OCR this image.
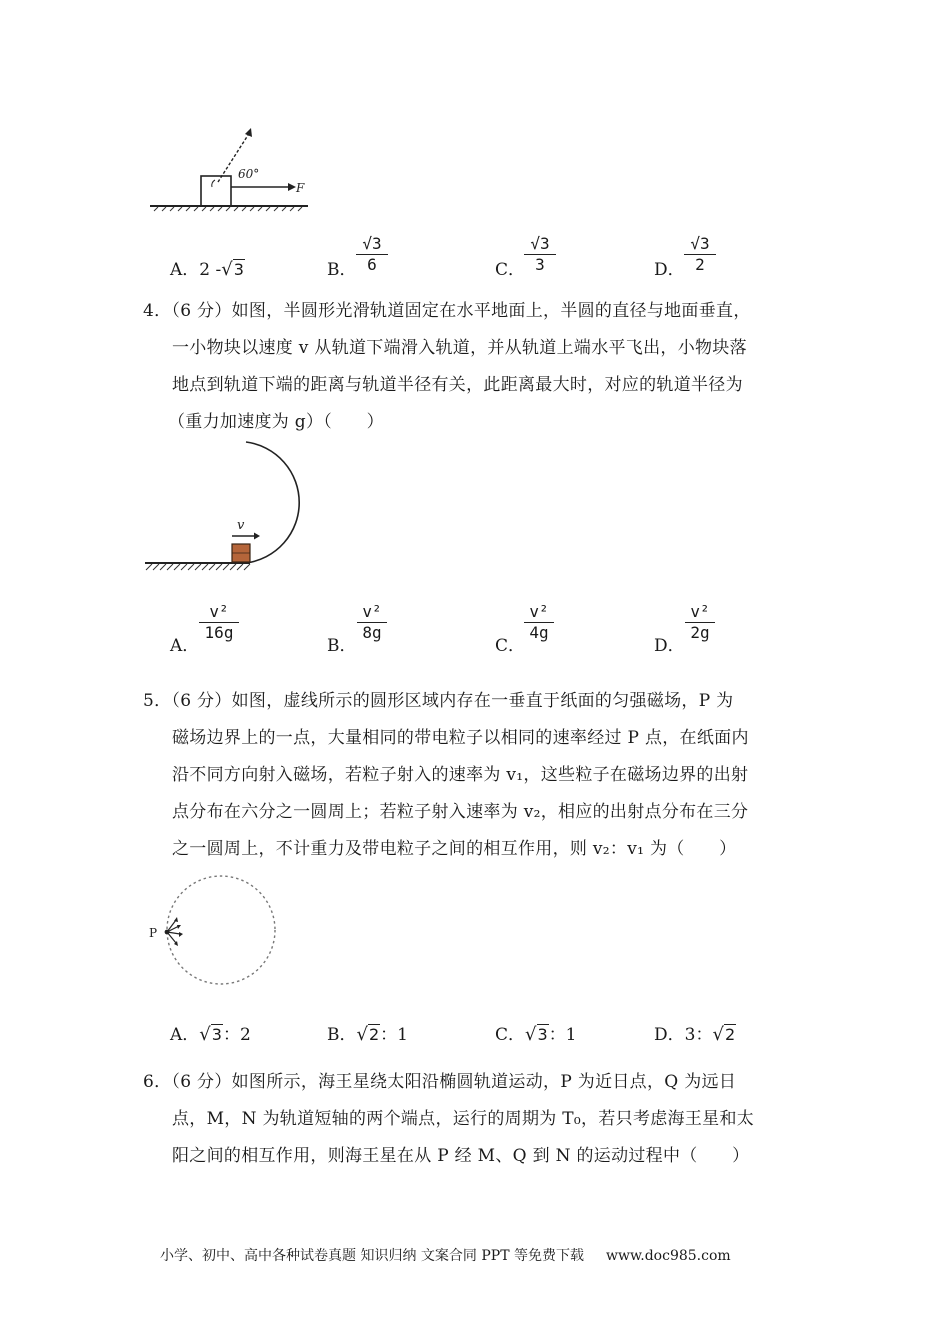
60°
F
A．2 -√3	B． $\frac{√3}{6}$	C．
$\frac{√3}{3}$	D． $\frac{√3}{2}$
4．（6 分）如图，半圆形光滑轨道固定在水平地面上，半圆的直径与地面垂直，
一小物块以速度 v 从轨道下端滑入轨道，并从轨道上端水平飞出，小物块落
地点到轨道下端的距离与轨道半径有关，此距离最大时，对应的轨道半径为
（重力加速度为 g）（　　）
v
A．
$\frac{\text{v²}}{16g}$
B．
$\frac{\text{v²}}{8g}$
C．
$\frac{\text{v²}}{4g}$
D．
$\frac{\text{v²}}{2g}$
5．（6 分）如图，虚线所示的圆形区域内存在一垂直于纸面的匀强磁场，P 为
磁场边界上的一点，大量相同的带电粒子以相同的速率经过 P 点，在纸面内
沿不同方向射入磁场，若粒子射入的速率为 v₁，这些粒子在磁场边界的出射
点分布在六分之一圆周上；若粒子射入速率为 v₂，相应的出射点分布在三分
之一圆周上，不计重力及带电粒子之间的相互作用，则 v₂：v₁ 为（　　）
P
A．√3：2	B．√2：1	C．√3：1	D．3：√2
6．（6 分）如图所示，海王星绕太阳沿椭圆轨道运动，P 为近日点，Q 为远日
点，M，N 为轨道短轴的两个端点，运行的周期为 T₀，若只考虑海王星和太
阳之间的相互作用，则海王星在从 P 经 M、Q 到 N 的运动过程中（　　）
小学、初中、高中各种试卷真题 知识归纳 文案合同 PPT 等免费下载 www.doc985.com
